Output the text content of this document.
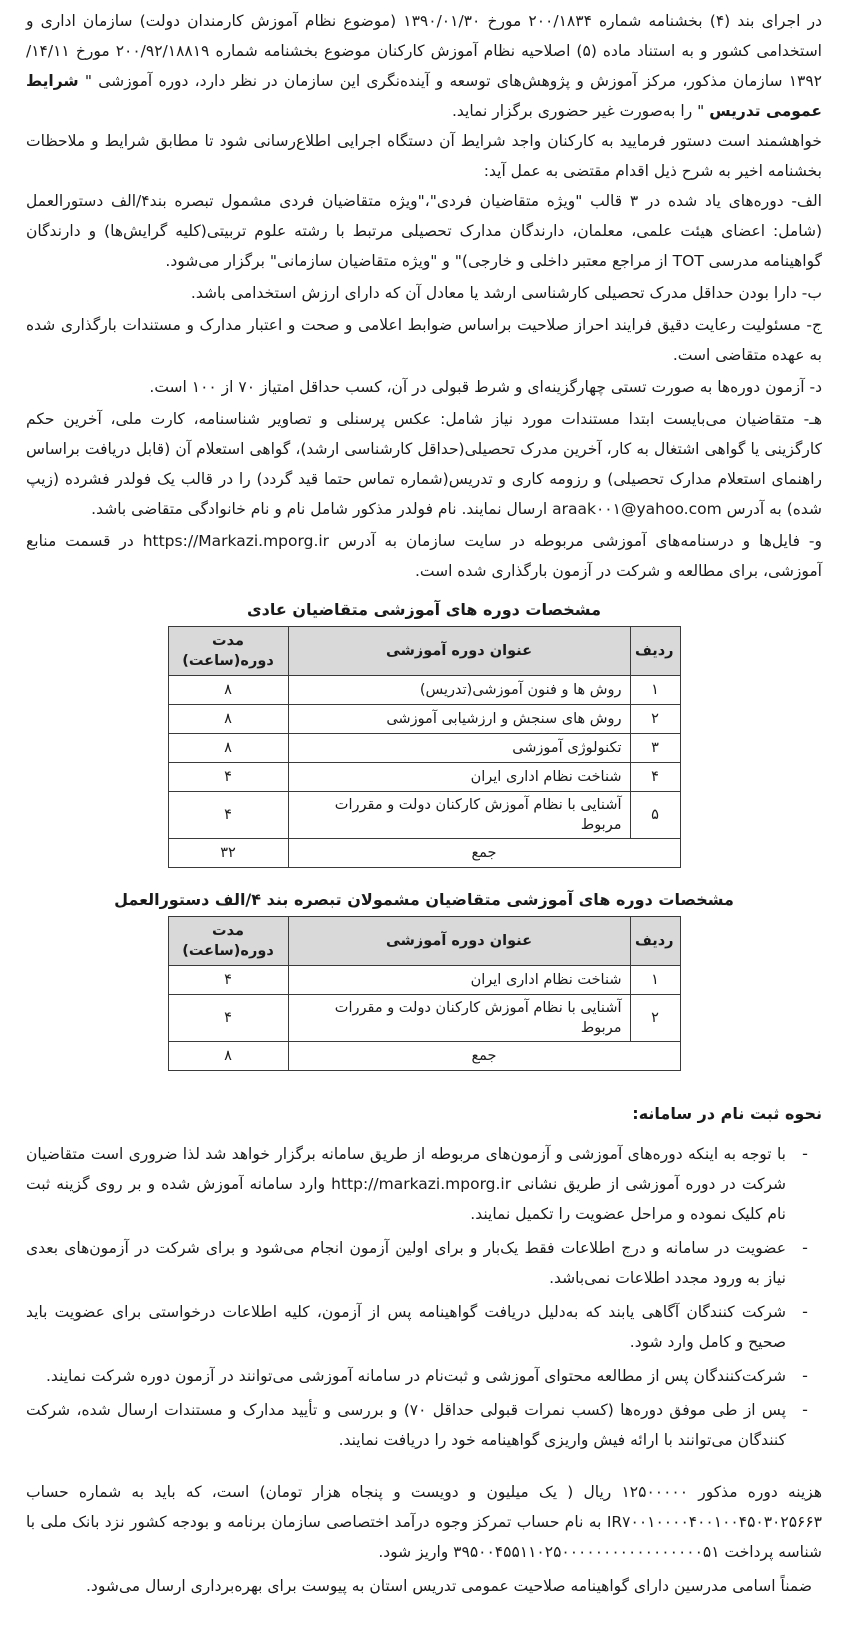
در اجرای بند (۴) بخشنامه شماره ۲۰۰/۱۸۳۴ مورخ ۱۳۹۰/۰۱/۳۰ (موضوع نظام آموزش کارمندان دولت) سازمان اداری و استخدامی کشور و به استناد ماده (۵) اصلاحیه نظام آموزش کارکنان موضوع بخشنامه شماره ۲۰۰/۹۲/۱۸۸۱۹ مورخ ۱۴/۱۱/ ۱۳۹۲ سازمان مذکور، مرکز آموزش و پژوهش‌های توسعه و آینده‌نگری این سازمان در نظر دارد، دوره آموزشی " شرایط عمومی تدریس " را به‌صورت غیر حضوری برگزار نماید.

خواهشمند است دستور فرمایید به کارکنان واجد شرایط آن دستگاه اجرایی اطلاع‌رسانی شود تا مطابق شرایط و ملاحظات بخشنامه اخیر به شرح ذیل اقدام مقتضی به عمل آید:

الف- دوره‌های یاد شده در ۳ قالب "ویژه متقاضیان فردی"،"ویژه متقاضیان فردی مشمول تبصره بند۴/الف دستورالعمل (شامل: اعضای هیئت علمی، معلمان، دارندگان مدارک تحصیلی مرتبط با رشته علوم تربیتی(کلیه گرایش‌ها) و دارندگان گواهینامه مدرسی TOT از مراجع معتبر داخلی و خارجی)" و "ویژه متقاضیان سازمانی" برگزار می‌شود.

ب- دارا بودن حداقل مدرک تحصیلی کارشناسی ارشد یا معادل آن که دارای ارزش استخدامی باشد.

ج- مسئولیت رعایت دقیق فرایند احراز صلاحیت براساس ضوابط اعلامی و صحت و اعتبار مدارک و مستندات بارگذاری شده به عهده متقاضی است.

د- آزمون دوره‌ها به صورت تستی چهارگزینه‌ای و شرط قبولی در آن، کسب حداقل امتیاز ۷۰ از ۱۰۰ است.

هـ- متقاضیان می‌بایست ابتدا مستندات مورد نیاز شامل: عکس پرسنلی و تصاویر شناسنامه، کارت ملی، آخرین حکم کارگزینی یا گواهی اشتغال به کار، آخرین مدرک تحصیلی(حداقل کارشناسی ارشد)، گواهی استعلام آن (قابل دریافت براساس راهنمای استعلام مدارک تحصیلی) و رزومه کاری و تدریس(شماره تماس حتما قید گردد) را در قالب یک فولدر فشرده (زیپ شده) به آدرس araak۰۰۱@yahoo.com ارسال نمایند. نام فولدر مذکور شامل نام و نام خانوادگی متقاضی باشد.

و- فایل‌ها و درسنامه‌های آموزشی مربوطه در سایت سازمان به آدرس https://Markazi.mporg.ir در قسمت منابع آموزشی، برای مطالعه و شرکت در آزمون بارگذاری شده است.

مشخصات دوره های آموزشی متقاضیان عادی
ردیف	عنوان دوره آموزشی	مدت دوره(ساعت)
۱	روش ها و فنون آموزشی(تدریس)	۸
۲	روش های سنجش و ارزشیابی آموزشی	۸
۳	تکنولوژی آموزشی	۸
۴	شناخت نظام اداری ایران	۴
۵	آشنایی با نظام آموزش کارکنان دولت و مقررات مربوط	۴
جمع		۳۲
مشخصات دوره های آموزشی متقاضیان مشمولان تبصره بند ۴/الف دستورالعمل
ردیف	عنوان دوره آموزشی	مدت دوره(ساعت)
۱	شناخت نظام اداری ایران	۴
۲	آشنایی با نظام آموزش کارکنان دولت و مقررات مربوط	۴
جمع		۸
نحوه ثبت نام در سامانه:
-

با توجه به اینکه دوره‌های آموزشی و آزمون‌های مربوطه از طریق سامانه برگزار خواهد شد لذا ضروری است متقاضیان شرکت در دوره آموزشی از طریق نشانی http://markazi.mporg.ir وارد سامانه آموزش شده و بر روی گزینه ثبت نام کلیک نموده و مراحل عضویت را تکمیل نمایند.

-

عضویت در سامانه و درج اطلاعات فقط یک‌بار و برای اولین آزمون انجام می‌شود و برای شرکت در آزمون‌های بعدی نیاز به ورود مجدد اطلاعات نمی‌باشد.

-

شرکت کنندگان آگاهی یابند که به‌دلیل دریافت گواهینامه پس از آزمون، کلیه اطلاعات درخواستی برای عضویت باید صحیح و کامل وارد شود.

-

شرکت‌کنندگان پس از مطالعه محتوای آموزشی و ثبت‌نام در سامانه آموزشی می‌توانند در آزمون دوره شرکت نمایند.

-

پس از طی موفق دوره‌ها (کسب نمرات قبولی حداقل ۷۰) و بررسی و تأیید مدارک و مستندات ارسال شده، شرکت کنندگان می‌توانند با ارائه فیش واریزی گواهینامه خود را دریافت نمایند.

هزینه دوره مذکور ۱۲۵۰۰۰۰۰ ریال ( یک میلیون و دویست و پنجاه هزار تومان) است، که باید به شماره حساب IR۷۰۰۱۰۰۰۰۴۰۰۱۰۰۴۵۰۳۰۲۵۶۶۳ به نام حساب تمرکز وجوه درآمد اختصاصی سازمان برنامه و بودجه کشور نزد بانک ملی با شناسه پرداخت ۳۹۵۰۰۴۵۵۱۱۰۲۵۰۰۰۰۰۰۰۰۰۰۰۰۰۰۰۰۰۵۱ واریز شود.

ضمناً اسامی مدرسین دارای گواهینامه صلاحیت عمومی تدریس استان به پیوست برای بهره‌برداری ارسال می‌شود.
